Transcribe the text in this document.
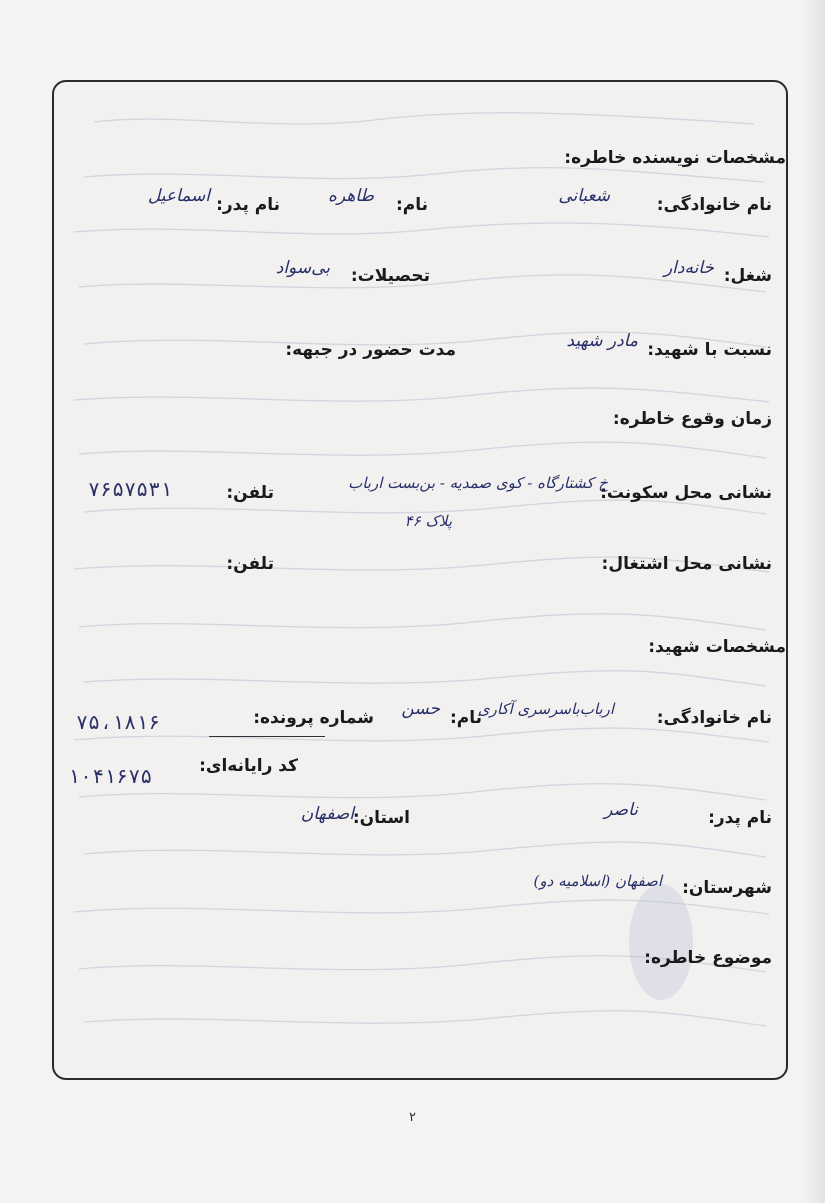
مشخصات نویسنده خاطره:
نام خانوادگی:
شعبانی
نام:
طاهره
نام پدر:
اسماعیل
شغل:
خانه‌دار
تحصیلات:
بی‌سواد
نسبت با شهید:
مادر شهید
مدت حضور در جبهه:
زمان وقوع خاطره:
نشانی محل سکونت:
خ کشتارگاه - کوی صمدیه - بن‌بست ارباب
پلاک ۴۶
تلفن:
۷۶۵۷۵۳۱
نشانی محل اشتغال:
تلفن:
مشخصات شهید:
نام خانوادگی:
ارباب‌باسرسری آکاری
نام:
حسن
شماره پرونده:
۷۵،۱۸۱۶
کد رایانه‌ای:
۱۰۴۱۶۷۵
نام پدر:
ناصر
استان:
اصفهان
شهرستان:
اصفهان (اسلامیه دو)
موضوع خاطره:
۲
